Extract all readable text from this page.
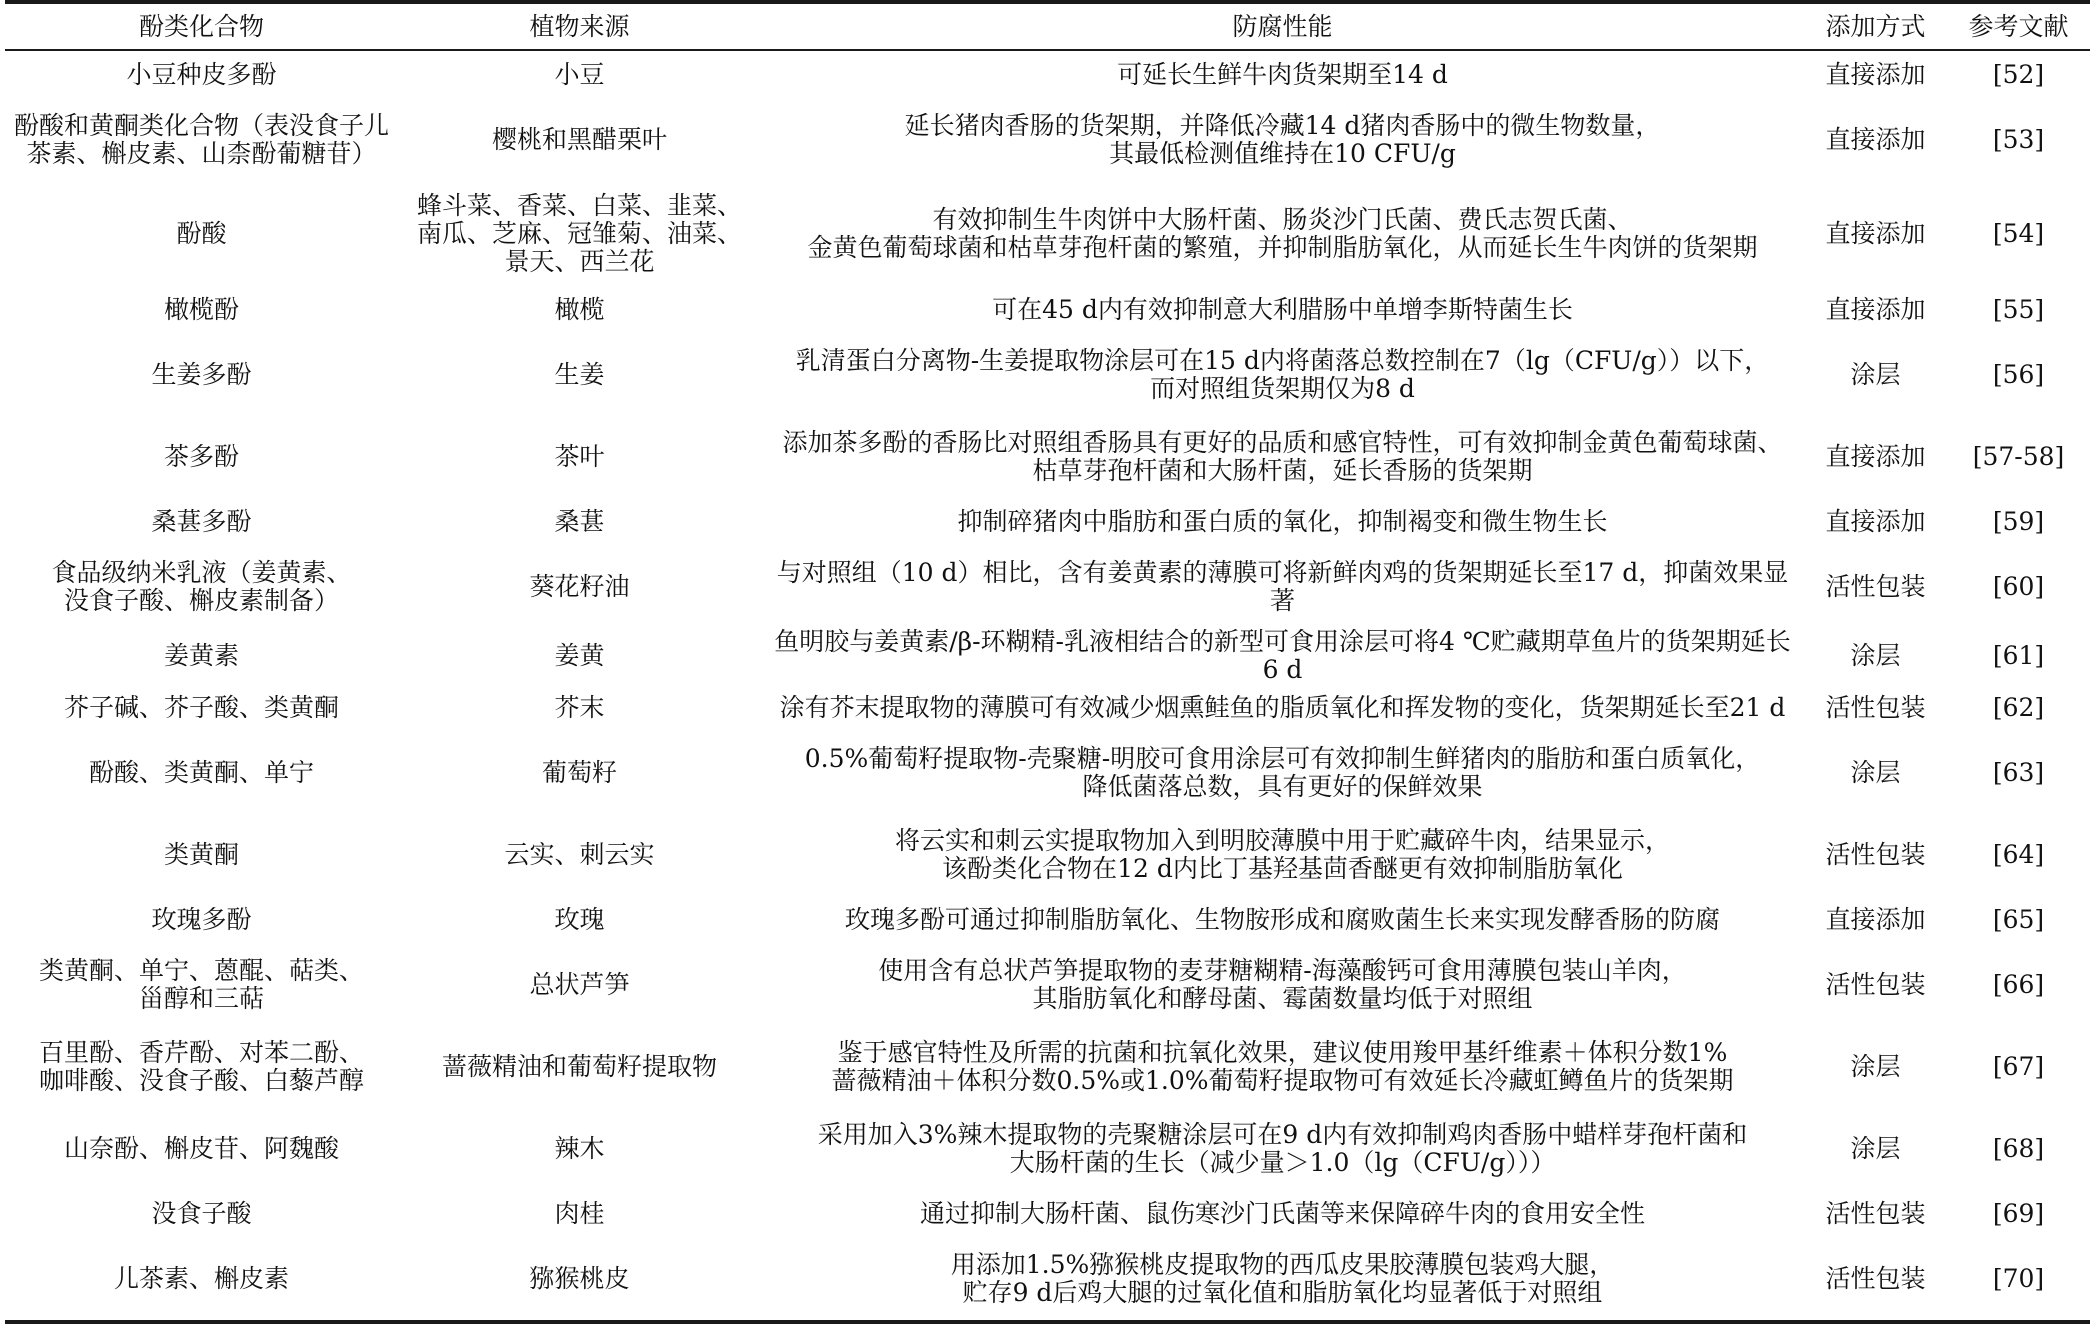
酚类化合物	植物来源	防腐性能	添加方式	参考文献
小豆种皮多酚	小豆	可延长生鲜牛肉货架期至14 d	直接添加	[52]
酚酸和黄酮类化合物（表没食子儿
茶素、槲皮素、山柰酚葡糖苷）	樱桃和黑醋栗叶	延长猪肉香肠的货架期，并降低冷藏14 d猪肉香肠中的微生物数量，
其最低检测值维持在10 CFU/g	直接添加	[53]
酚酸	蜂斗菜、香菜、白菜、韭菜、
南瓜、芝麻、冠雏菊、油菜、
景天、西兰花	有效抑制生牛肉饼中大肠杆菌、肠炎沙门氏菌、费氏志贺氏菌、
金黄色葡萄球菌和枯草芽孢杆菌的繁殖，并抑制脂肪氧化，从而延长生牛肉饼的货架期	直接添加	[54]
橄榄酚	橄榄	可在45 d内有效抑制意大利腊肠中单增李斯特菌生长	直接添加	[55]
生姜多酚	生姜	乳清蛋白分离物-生姜提取物涂层可在15 d内将菌落总数控制在7（lg（CFU/g））以下，
而对照组货架期仅为8 d	涂层	[56]
茶多酚	茶叶	添加茶多酚的香肠比对照组香肠具有更好的品质和感官特性，可有效抑制金黄色葡萄球菌、
枯草芽孢杆菌和大肠杆菌，延长香肠的货架期	直接添加	[57-58]
桑葚多酚	桑葚	抑制碎猪肉中脂肪和蛋白质的氧化，抑制褐变和微生物生长	直接添加	[59]
食品级纳米乳液（姜黄素、
没食子酸、槲皮素制备）	葵花籽油	与对照组（10 d）相比，含有姜黄素的薄膜可将新鲜肉鸡的货架期延长至17 d，抑菌效果显著	活性包装	[60]
姜黄素	姜黄	鱼明胶与姜黄素/β-环糊精-乳液相结合的新型可食用涂层可将4 ℃贮藏期草鱼片的货架期延长6 d	涂层	[61]
芥子碱、芥子酸、类黄酮	芥末	涂有芥末提取物的薄膜可有效减少烟熏鲑鱼的脂质氧化和挥发物的变化，货架期延长至21 d	活性包装	[62]
酚酸、类黄酮、单宁	葡萄籽	0.5%葡萄籽提取物-壳聚糖-明胶可食用涂层可有效抑制生鲜猪肉的脂肪和蛋白质氧化，
降低菌落总数，具有更好的保鲜效果	涂层	[63]
类黄酮	云实、刺云实	将云实和刺云实提取物加入到明胶薄膜中用于贮藏碎牛肉，结果显示，
该酚类化合物在12 d内比丁基羟基茴香醚更有效抑制脂肪氧化	活性包装	[64]
玫瑰多酚	玫瑰	玫瑰多酚可通过抑制脂肪氧化、生物胺形成和腐败菌生长来实现发酵香肠的防腐	直接添加	[65]
类黄酮、单宁、蒽醌、萜类、
甾醇和三萜	总状芦笋	使用含有总状芦笋提取物的麦芽糖糊精-海藻酸钙可食用薄膜包装山羊肉，
其脂肪氧化和酵母菌、霉菌数量均低于对照组	活性包装	[66]
百里酚、香芹酚、对苯二酚、
咖啡酸、没食子酸、白藜芦醇	蔷薇精油和葡萄籽提取物	鉴于感官特性及所需的抗菌和抗氧化效果，建议使用羧甲基纤维素＋体积分数1%
蔷薇精油＋体积分数0.5%或1.0%葡萄籽提取物可有效延长冷藏虹鳟鱼片的货架期	涂层	[67]
山奈酚、槲皮苷、阿魏酸	辣木	采用加入3%辣木提取物的壳聚糖涂层可在9 d内有效抑制鸡肉香肠中蜡样芽孢杆菌和
大肠杆菌的生长（减少量＞1.0（lg（CFU/g）））	涂层	[68]
没食子酸	肉桂	通过抑制大肠杆菌、鼠伤寒沙门氏菌等来保障碎牛肉的食用安全性	活性包装	[69]
儿茶素、槲皮素	猕猴桃皮	用添加1.5%猕猴桃皮提取物的西瓜皮果胶薄膜包装鸡大腿，
贮存9 d后鸡大腿的过氧化值和脂肪氧化均显著低于对照组	活性包装	[70]
